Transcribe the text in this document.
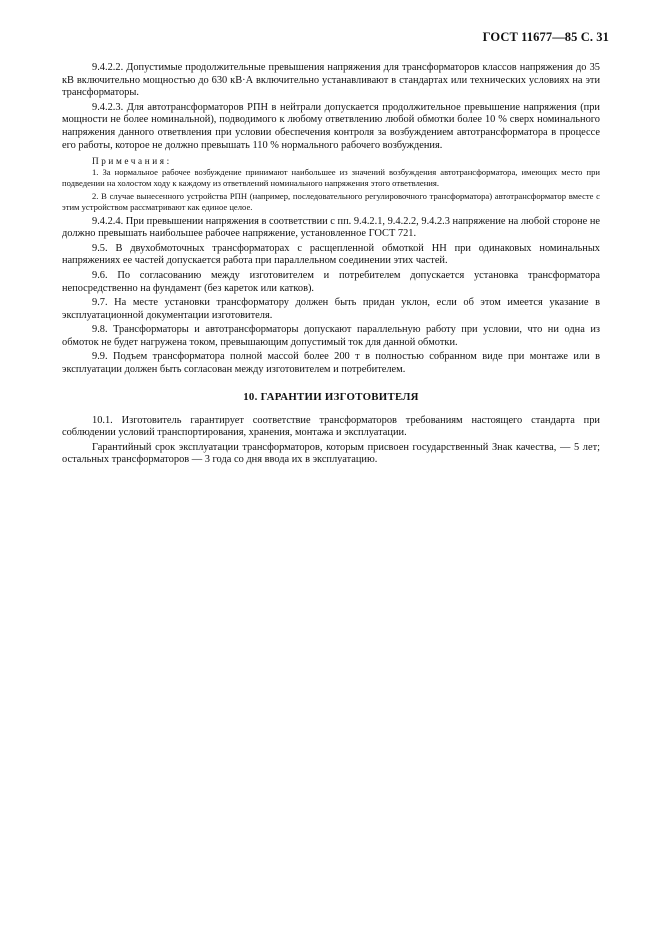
ГОСТ 11677—85 С. 31

9.4.2.2. Допустимые продолжительные превышения напряжения для трансформаторов классов напряжения до 35 кВ включительно мощностью до 630 кВ·А включительно устанавливают в стандартах или технических условиях на эти трансформаторы.

9.4.2.3. Для автотрансформаторов РПН в нейтрали допускается продолжительное превышение напряжения (при мощности не более номинальной), подводимого к любому ответвлению любой обмотки более 10 % сверх номинального напряжения данного ответвления при условии обеспечения контроля за возбуждением автотрансформатора в процессе его работы, которое не должно превышать 110 % нормального рабочего возбуждения.

Примечания:

1. За нормальное рабочее возбуждение принимают наибольшее из значений возбуждения автотрансформатора, имеющих место при подведении на холостом ходу к каждому из ответвлений номинального напряжения этого ответвления.

2. В случае вынесенного устройства РПН (например, последовательного регулировочного трансформатора) автотрансформатор вместе с этим устройством рассматривают как единое целое.

9.4.2.4. При превышении напряжения в соответствии с пп. 9.4.2.1, 9.4.2.2, 9.4.2.3 напряжение на любой стороне не должно превышать наибольшее рабочее напряжение, установленное ГОСТ 721.

9.5. В двухобмоточных трансформаторах с расщепленной обмоткой НН при одинаковых номинальных напряжениях ее частей допускается работа при параллельном соединении этих частей.

9.6. По согласованию между изготовителем и потребителем допускается установка трансформатора непосредственно на фундамент (без кареток или катков).

9.7. На месте установки трансформатору должен быть придан уклон, если об этом имеется указание в эксплуатационной документации изготовителя.

9.8. Трансформаторы и автотрансформаторы допускают параллельную работу при условии, что ни одна из обмоток не будет нагружена током, превышающим допустимый ток для данной обмотки.

9.9. Подъем трансформатора полной массой более 200 т в полностью собранном виде при монтаже или в эксплуатации должен быть согласован между изготовителем и потребителем.

10. ГАРАНТИИ ИЗГОТОВИТЕЛЯ

10.1. Изготовитель гарантирует соответствие трансформаторов требованиям настоящего стандарта при соблюдении условий транспортирования, хранения, монтажа и эксплуатации.

Гарантийный срок эксплуатации трансформаторов, которым присвоен государственный Знак качества, — 5 лет; остальных трансформаторов — 3 года со дня ввода их в эксплуатацию.
